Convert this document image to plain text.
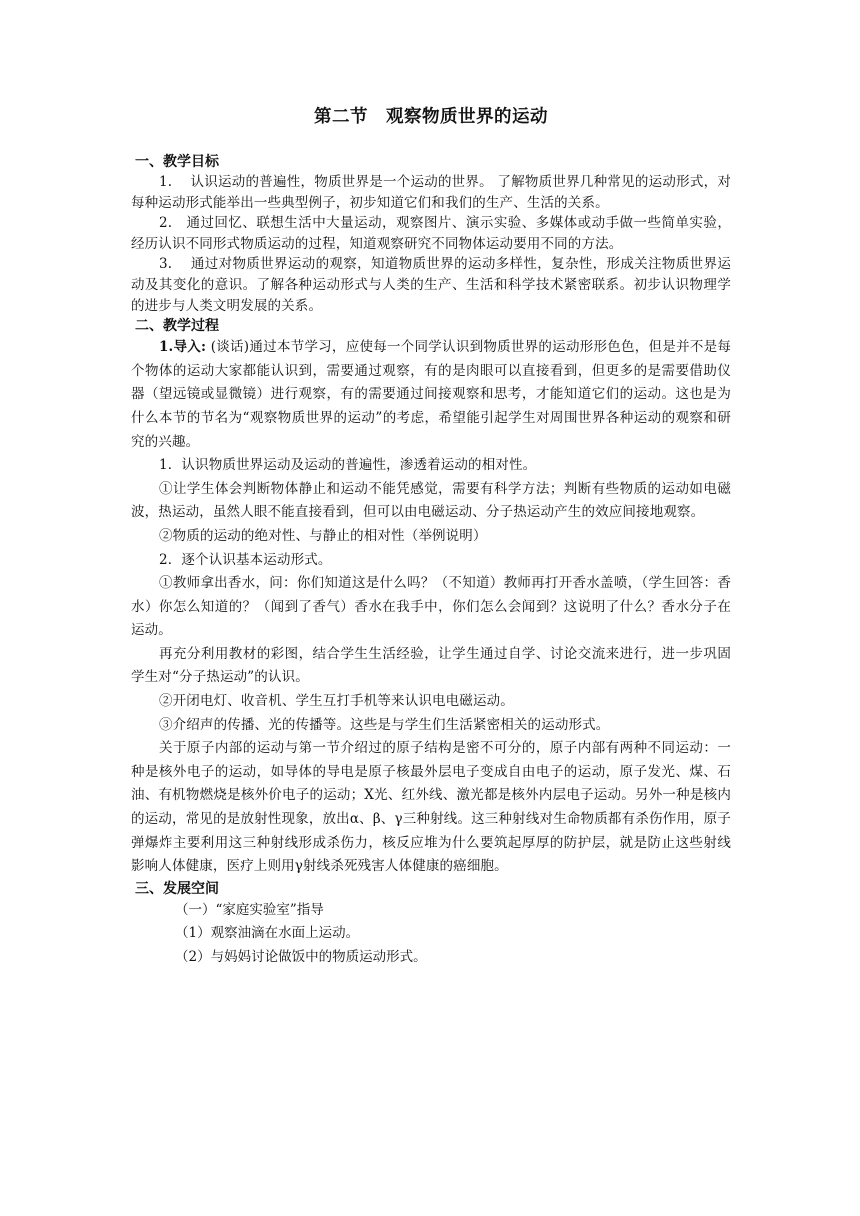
第二节　观察物质世界的运动

一、教学目标

1.　 认识运动的普遍性，物质世界是一个运动的世界。 了解物质世界几种常见的运动形式，对每种运动形式能举出一些典型例子，初步知道它们和我们的生产、生活的关系。

2.　通过回忆、联想生活中大量运动，观察图片、演示实验、多媒体或动手做一些简单实验，经历认识不同形式物质运动的过程，知道观察研究不同物体运动要用不同的方法。

3.　 通过对物质世界运动的观察，知道物质世界的运动多样性，复杂性，形成关注物质世界运动及其变化的意识。了解各种运动形式与人类的生产、生活和科学技术紧密联系。初步认识物理学的进步与人类文明发展的关系。

二、教学过程

1.导入: (谈话)通过本节学习，应使每一个同学认识到物质世界的运动形形色色，但是并不是每个物体的运动大家都能认识到，需要通过观察，有的是肉眼可以直接看到，但更多的是需要借助仪器（望远镜或显微镜）进行观察，有的需要通过间接观察和思考，才能知道它们的运动。这也是为什么本节的节名为“观察物质世界的运动”的考虑，希望能引起学生对周围世界各种运动的观察和研究的兴趣。

1．认识物质世界运动及运动的普遍性，渗透着运动的相对性。

①让学生体会判断物体静止和运动不能凭感觉，需要有科学方法；判断有些物质的运动如电磁波，热运动，虽然人眼不能直接看到，但可以由电磁运动、分子热运动产生的效应间接地观察。

②物质的运动的绝对性、与静止的相对性（举例说明）

2．逐个认识基本运动形式。

①教师拿出香水，问：你们知道这是什么吗？（不知道）教师再打开香水盖喷，（学生回答：香水）你怎么知道的？（闻到了香气）香水在我手中，你们怎么会闻到？这说明了什么？香水分子在运动。

再充分利用教材的彩图，结合学生生活经验，让学生通过自学、讨论交流来进行，进一步巩固学生对“分子热运动”的认识。

②开闭电灯、收音机、学生互打手机等来认识电电磁运动。

③介绍声的传播、光的传播等。这些是与学生们生活紧密相关的运动形式。

关于原子内部的运动与第一节介绍过的原子结构是密不可分的，原子内部有两种不同运动：一种是核外电子的运动，如导体的导电是原子核最外层电子变成自由电子的运动，原子发光、煤、石油、有机物燃烧是核外价电子的运动；X光、红外线、激光都是核外内层电子运动。另外一种是核内的运动，常见的是放射性现象，放出α、β、γ三种射线。这三种射线对生命物质都有杀伤作用，原子弹爆炸主要利用这三种射线形成杀伤力，核反应堆为什么要筑起厚厚的防护层，就是防止这些射线影响人体健康，医疗上则用γ射线杀死残害人体健康的癌细胞。

三、发展空间

（一）“家庭实验室”指导

（1）观察油滴在水面上运动。

（2）与妈妈讨论做饭中的物质运动形式。
